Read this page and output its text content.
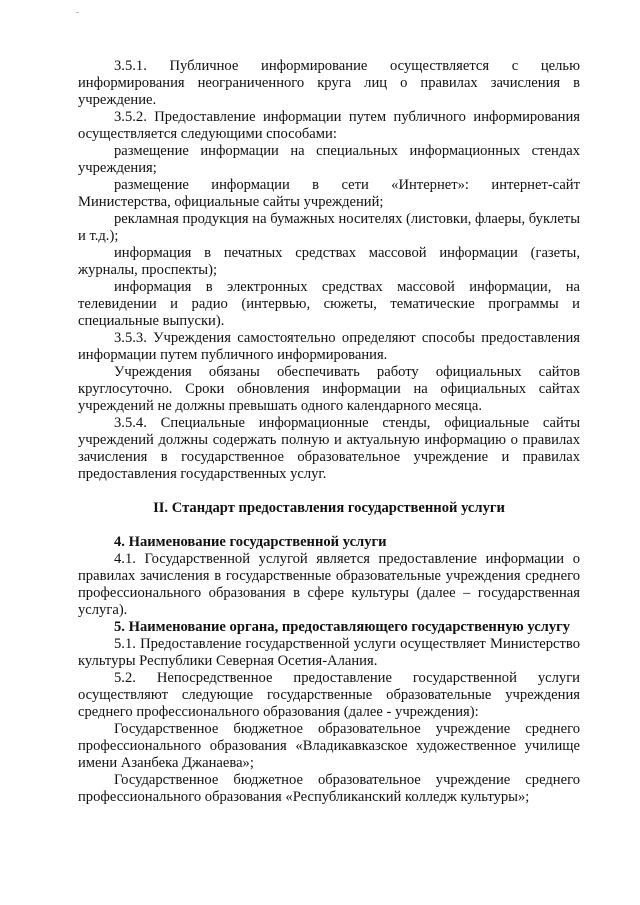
3.5.1. Публичное информирование осуществляется с целью информирования неограниченного круга лиц о правилах зачисления в учреждение.

3.5.2. Предоставление информации путем публичного информирования осуществляется следующими способами:

размещение информации на специальных информационных стендах учреждения;

размещение информации в сети «Интернет»: интернет-сайт Министерства, официальные сайты учреждений;

рекламная продукция на бумажных носителях (листовки, флаеры, буклеты и т.д.);

информация в печатных средствах массовой информации (газеты, журналы, проспекты);

информация в электронных средствах массовой информации, на телевидении и радио (интервью, сюжеты, тематические программы и специальные выпуски).

3.5.3. Учреждения самостоятельно определяют способы предоставления информации путем публичного информирования.

Учреждения обязаны обеспечивать работу официальных сайтов круглосуточно. Сроки обновления информации на официальных сайтах учреждений не должны превышать одного календарного месяца.

3.5.4. Специальные информационные стенды, официальные сайты учреждений должны содержать полную и актуальную информацию о правилах зачисления в государственное образовательное учреждение и правилах предоставления государственных услуг.

II. Стандарт предоставления государственной услуги

4. Наименование государственной услуги

4.1. Государственной услугой является предоставление информации о правилах зачисления в государственные образовательные учреждения среднего профессионального образования в сфере культуры (далее – государственная услуга).

5. Наименование органа, предоставляющего государственную услугу

5.1. Предоставление государственной услуги осуществляет Министерство культуры Республики Северная Осетия-Алания.

5.2. Непосредственное предоставление государственной услуги осуществляют следующие государственные образовательные учреждения среднего профессионального образования (далее - учреждения):

Государственное бюджетное образовательное учреждение среднего профессионального образования «Владикавказское художественное училище имени Азанбека Джанаева»;

Государственное бюджетное образовательное учреждение среднего профессионального образования «Республиканский колледж культуры»;
